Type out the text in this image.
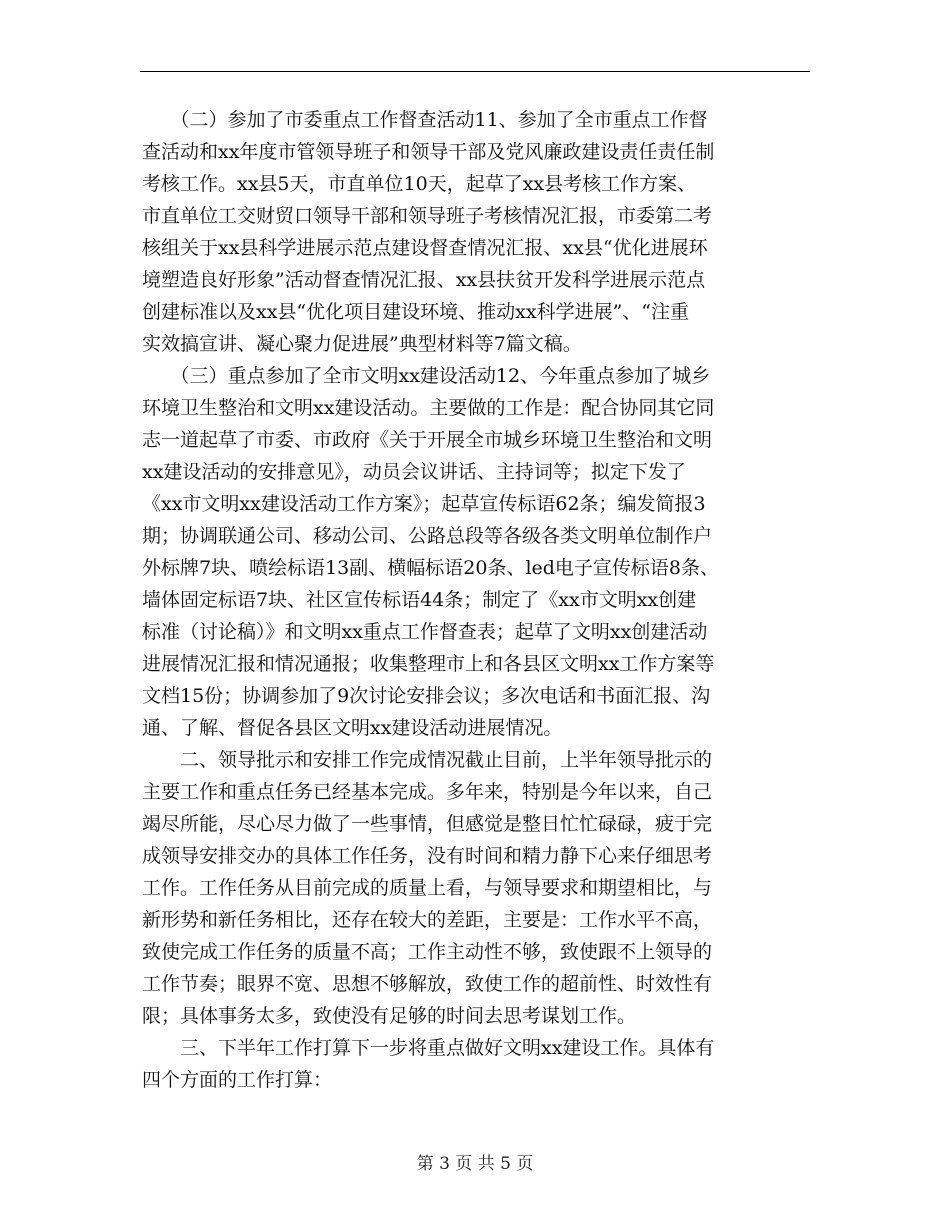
　　（二）参加了市委重点工作督查活动11、参加了全市重点工作督
查活动和xx年度市管领导班子和领导干部及党风廉政建设责任责任制
考核工作。xx县5天，市直单位10天，起草了xx县考核工作方案、
市直单位工交财贸口领导干部和领导班子考核情况汇报，市委第二考
核组关于xx县科学进展示范点建设督查情况汇报、xx县“优化进展环
境塑造良好形象”活动督查情况汇报、xx县扶贫开发科学进展示范点
创建标准以及xx县“优化项目建设环境、推动xx科学进展”、“注重
实效搞宣讲、凝心聚力促进展”典型材料等7篇文稿。
　　（三）重点参加了全市文明xx建设活动12、今年重点参加了城乡
环境卫生整治和文明xx建设活动。主要做的工作是：配合协同其它同
志一道起草了市委、市政府《关于开展全市城乡环境卫生整治和文明
xx建设活动的安排意见》，动员会议讲话、主持词等；拟定下发了
《xx市文明xx建设活动工作方案》；起草宣传标语62条；编发简报3
期；协调联通公司、移动公司、公路总段等各级各类文明单位制作户
外标牌7块、喷绘标语13副、横幅标语20条、led电子宣传标语8条、
墙体固定标语7块、社区宣传标语44条；制定了《xx市文明xx创建
标准（讨论稿）》和文明xx重点工作督查表；起草了文明xx创建活动
进展情况汇报和情况通报；收集整理市上和各县区文明xx工作方案等
文档15份；协调参加了9次讨论安排会议；多次电话和书面汇报、沟
通、了解、督促各县区文明xx建设活动进展情况。
　　二、领导批示和安排工作完成情况截止目前，上半年领导批示的
主要工作和重点任务已经基本完成。多年来，特别是今年以来，自己
竭尽所能，尽心尽力做了一些事情，但感觉是整日忙忙碌碌，疲于完
成领导安排交办的具体工作任务，没有时间和精力静下心来仔细思考
工作。工作任务从目前完成的质量上看，与领导要求和期望相比，与
新形势和新任务相比，还存在较大的差距，主要是：工作水平不高，
致使完成工作任务的质量不高；工作主动性不够，致使跟不上领导的
工作节奏；眼界不宽、思想不够解放，致使工作的超前性、时效性有
限；具体事务太多，致使没有足够的时间去思考谋划工作。
　　三、下半年工作打算下一步将重点做好文明xx建设工作。具体有
四个方面的工作打算：
第 3 页 共 5 页
